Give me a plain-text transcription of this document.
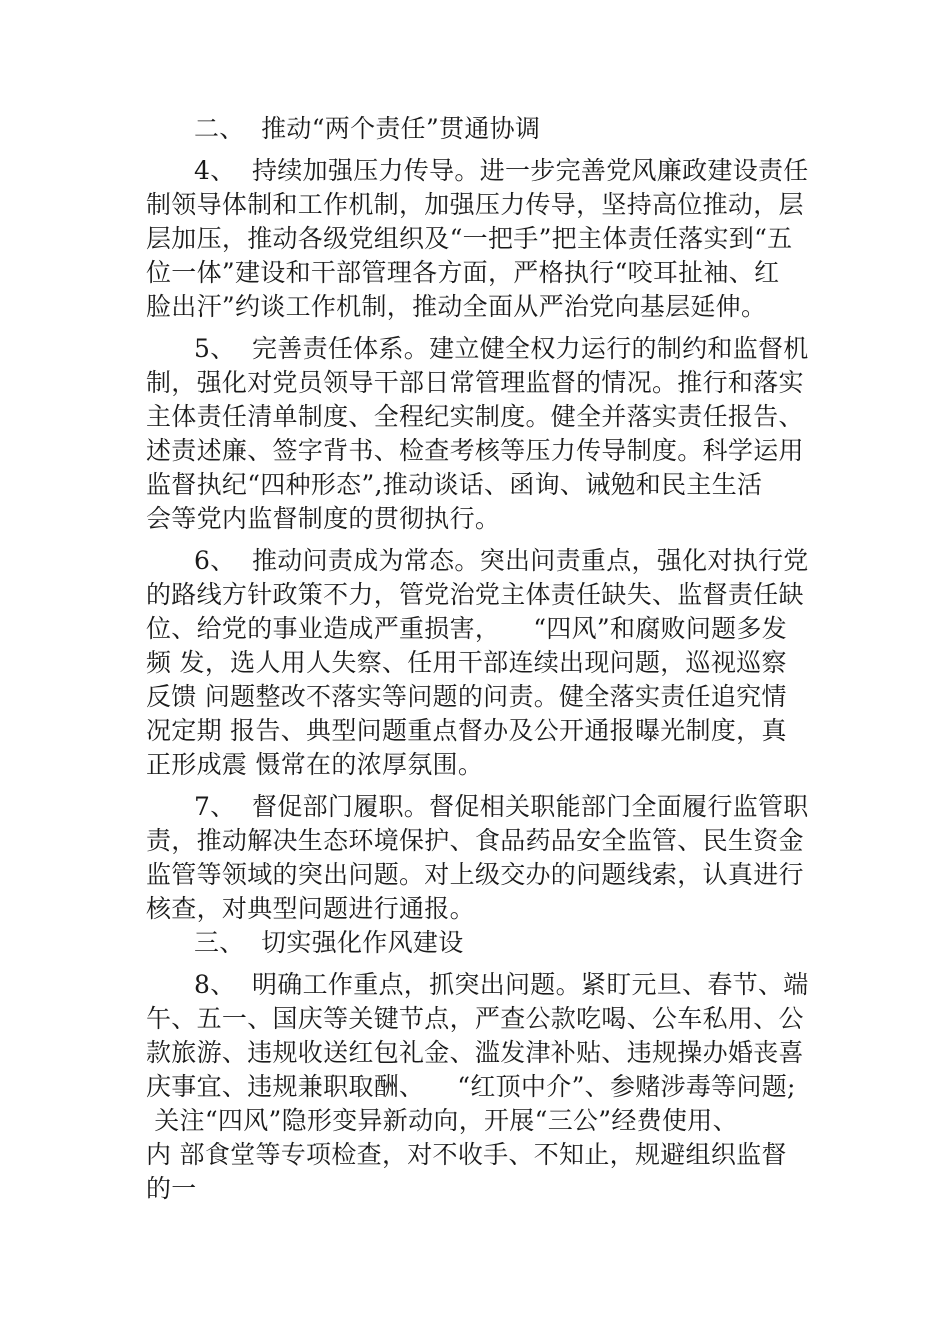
二、  推动“两个责任”贯通协调
4、  持续加强压力传导。进一步完善党风廉政建设责任
制领导体制和工作机制，加强压力传导，坚持高位推动，层
层加压，推动各级党组织及“一把手”把主体责任落实到“五
位一体”建设和干部管理各方面，严格执行“咬耳扯袖、红
脸出汗”约谈工作机制，推动全面从严治党向基层延伸。
5、  完善责任体系。建立健全权力运行的制约和监督机
制，强化对党员领导干部日常管理监督的情况。推行和落实
主体责任清单制度、全程纪实制度。健全并落实责任报告、
述责述廉、签字背书、检查考核等压力传导制度。科学运用
监督执纪“四种形态”,推动谈话、函询、诫勉和民主生活
会等党内监督制度的贯彻执行。
6、  推动问责成为常态。突出问责重点，强化对执行党
的路线方针政策不力，管党治党主体责任缺失、监督责任缺
位、给党的事业造成严重损害，    “四风”和腐败问题多发
频 发，选人用人失察、任用干部连续出现问题，巡视巡察
反馈 问题整改不落实等问题的问责。健全落实责任追究情
况定期 报告、典型问题重点督办及公开通报曝光制度，真
正形成震 慑常在的浓厚氛围。
7、  督促部门履职。督促相关职能部门全面履行监管职
责，推动解决生态环境保护、食品药品安全监管、民生资金
监管等领域的突出问题。对上级交办的问题线索，认真进行
核查，对典型问题进行通报。
三、  切实强化作风建设
8、  明确工作重点，抓突出问题。紧盯元旦、春节、端
午、五一、国庆等关键节点，严查公款吃喝、公车私用、公
款旅游、违规收送红包礼金、滥发津补贴、违规操办婚丧喜
庆事宜、违规兼职取酬、    “红顶中介”、参赌涉毒等问题;
关注“四风”隐形变异新动向，开展“三公”经费使用、
内 部食堂等专项检查，对不收手、不知止，规避组织监督
的一
